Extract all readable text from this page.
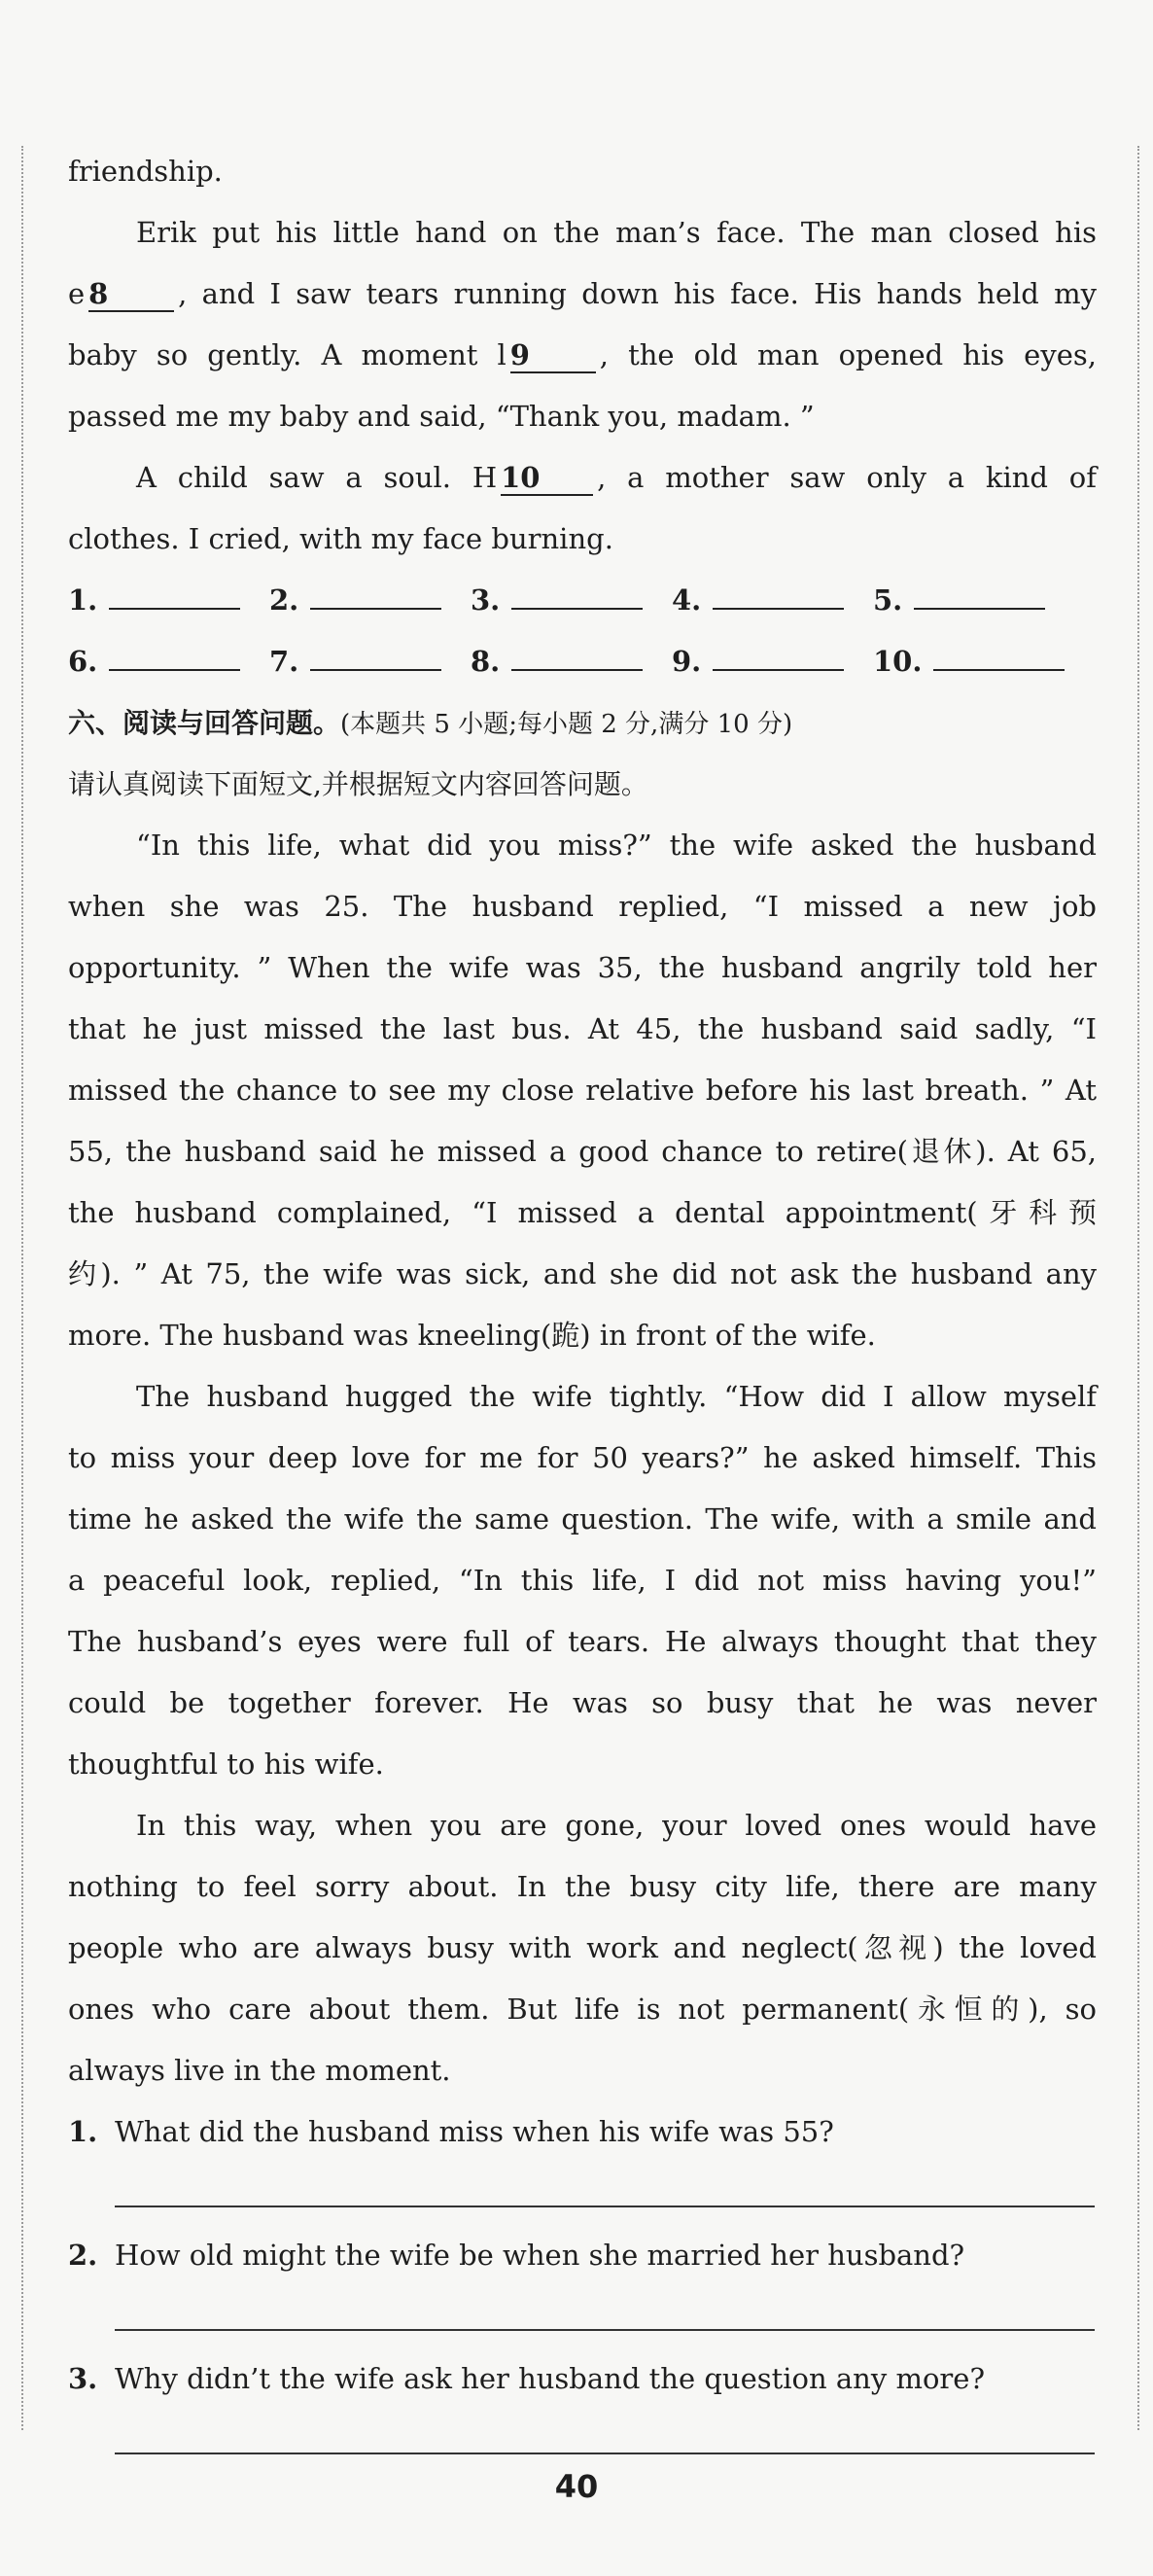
friendship.
Erik put his little hand on the man’s face. The man closed his
e 8 , and I saw tears running down his face. His hands held my
baby so gently. A moment l 9 , the old man opened his eyes,
passed me my baby and said, “Thank you, madam. ”
A child saw a soul. H 10 , a mother saw only a kind of
clothes. I cried, with my face burning.
1.	2.	3.	4.	5.
6.	7.	8.	9.	10.
六、阅读与回答问题。(本题共 5 小题;每小题 2 分,满分 10 分)
请认真阅读下面短文,并根据短文内容回答问题。
“In this life, what did you miss?” the wife asked the husband
when she was 25. The husband replied, “I missed a new job
opportunity. ” When the wife was 35, the husband angrily told her
that he just missed the last bus. At 45, the husband said sadly, “I
missed the chance to see my close relative before his last breath. ” At
55, the husband said he missed a good chance to retire(退休). At 65,
the husband complained, “I missed a dental appointment(牙科预
约). ” At 75, the wife was sick, and she did not ask the husband any
more. The husband was kneeling(跪) in front of the wife.
The husband hugged the wife tightly. “How did I allow myself
to miss your deep love for me for 50 years?” he asked himself. This
time he asked the wife the same question. The wife, with a smile and
a peaceful look, replied, “In this life, I did not miss having you!”
The husband’s eyes were full of tears. He always thought that they
could be together forever. He was so busy that he was never
thoughtful to his wife.
In this way, when you are gone, your loved ones would have
nothing to feel sorry about. In the busy city life, there are many
people who are always busy with work and neglect(忽视) the loved
ones who care about them. But life is not permanent(永恒的), so
always live in the moment.
1. What did the husband miss when his wife was 55?
2. How old might the wife be when she married her husband?
3. Why didn’t the wife ask her husband the question any more?
40
